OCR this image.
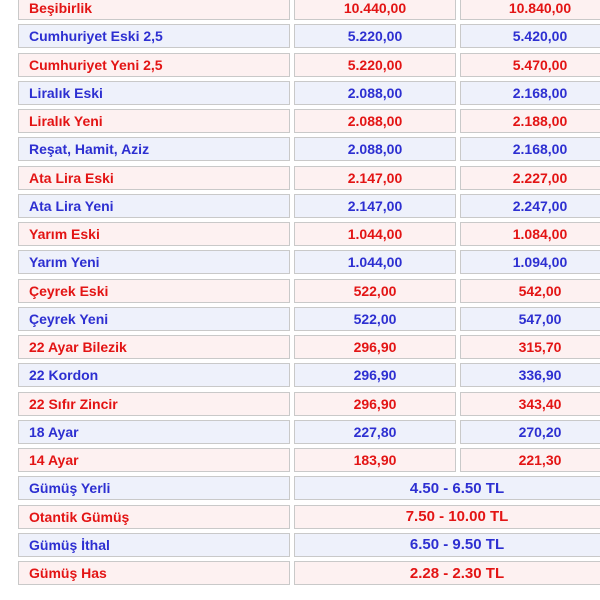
Beşibirlik	10.440,00	10.840,00
Cumhuriyet Eski 2,5	5.220,00	5.420,00
Cumhuriyet Yeni 2,5	5.220,00	5.470,00
Liralık Eski	2.088,00	2.168,00
Liralık Yeni	2.088,00	2.188,00
Reşat, Hamit, Aziz	2.088,00	2.168,00
Ata Lira Eski	2.147,00	2.227,00
Ata Lira Yeni	2.147,00	2.247,00
Yarım Eski	1.044,00	1.084,00
Yarım Yeni	1.044,00	1.094,00
Çeyrek Eski	522,00	542,00
Çeyrek Yeni	522,00	547,00
22 Ayar Bilezik	296,90	315,70
22 Kordon	296,90	336,90
22 Sıfır Zincir	296,90	343,40
18 Ayar	227,80	270,20
14 Ayar	183,90	221,30
Gümüş Yerli	4.50 - 6.50 TL
Otantik Gümüş	7.50 - 10.00 TL
Gümüş İthal	6.50 - 9.50 TL
Gümüş Has	2.28 - 2.30 TL
